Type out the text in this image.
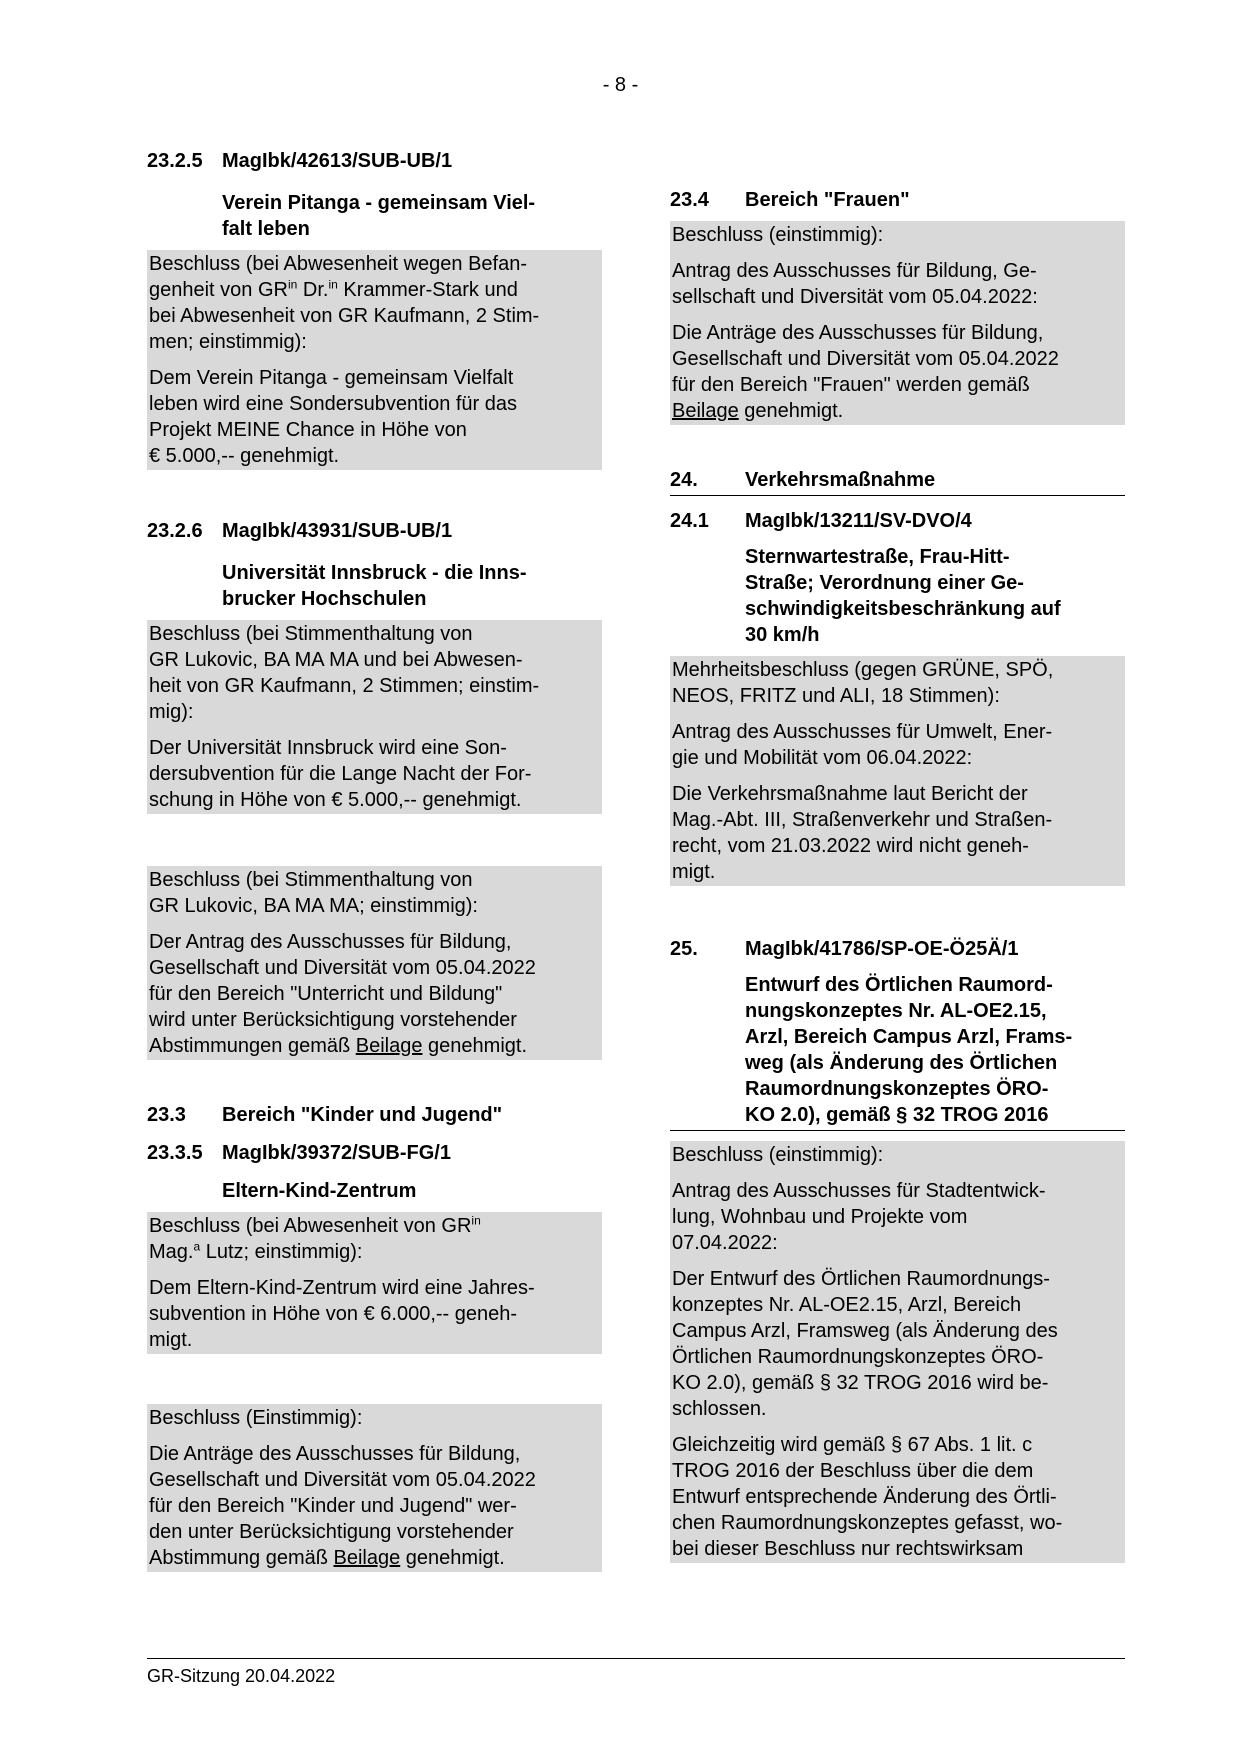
- 8 -
23.2.5 MagIbk/42613/SUB-UB/1
Verein Pitanga - gemeinsam Viel-
falt leben

Beschluss (bei Abwesenheit wegen Befan-
genheit von $GR^{in}$ Dr.$^{in}$ Krammer-Stark und
bei Abwesenheit von GR Kaufmann, 2 Stim-
men; einstimmig):

Dem Verein Pitanga - gemeinsam Vielfalt
leben wird eine Sondersubvention für das
Projekt MEINE Chance in Höhe von
€ 5.000,-- genehmigt.

23.2.6 MagIbk/43931/SUB-UB/1
Universität Innsbruck - die Inns-
brucker Hochschulen

Beschluss (bei Stimmenthaltung von
GR Lukovic, BA MA MA und bei Abwesen-
heit von GR Kaufmann, 2 Stimmen; einstim-
mig):

Der Universität Innsbruck wird eine Son-
dersubvention für die Lange Nacht der For-
schung in Höhe von € 5.000,-- genehmigt.

Beschluss (bei Stimmenthaltung von
GR Lukovic, BA MA MA; einstimmig):

Der Antrag des Ausschusses für Bildung,
Gesellschaft und Diversität vom 05.04.2022
für den Bereich "Unterricht und Bildung"
wird unter Berücksichtigung vorstehender
Abstimmungen gemäß Beilage genehmigt.

23.3	Bereich "Kinder und Jugend"
23.3.5 MagIbk/39372/SUB-FG/1
Eltern-Kind-Zentrum

Beschluss (bei Abwesenheit von $GR^{in}$
Mag.$^a$ Lutz; einstimmig):

Dem Eltern-Kind-Zentrum wird eine Jahres-
subvention in Höhe von € 6.000,-- geneh-
migt.

Beschluss (Einstimmig):

Die Anträge des Ausschusses für Bildung,
Gesellschaft und Diversität vom 05.04.2022
für den Bereich "Kinder und Jugend" wer-
den unter Berücksichtigung vorstehender
Abstimmung gemäß Beilage genehmigt.

23.4	Bereich "Frauen"

Beschluss (einstimmig):

Antrag des Ausschusses für Bildung, Ge-
sellschaft und Diversität vom 05.04.2022:

Die Anträge des Ausschusses für Bildung,
Gesellschaft und Diversität vom 05.04.2022
für den Bereich "Frauen" werden gemäß
Beilage genehmigt.

24.	Verkehrsmaßnahme
24.1	MagIbk/13211/SV-DVO/4
Sternwartestraße, Frau-Hitt-
Straße; Verordnung einer Ge-
schwindigkeitsbeschränkung auf
30 km/h

Mehrheitsbeschluss (gegen GRÜNE, SPÖ,
NEOS, FRITZ und ALI, 18 Stimmen):

Antrag des Ausschusses für Umwelt, Ener-
gie und Mobilität vom 06.04.2022:

Die Verkehrsmaßnahme laut Bericht der
Mag.-Abt. III, Straßenverkehr und Straßen-
recht, vom 21.03.2022 wird nicht geneh-
migt.

25.	MagIbk/41786/SP-OE-Ö25Ä/1
Entwurf des Örtlichen Raumord-
nungskonzeptes Nr. AL-OE2.15,
Arzl, Bereich Campus Arzl, Frams-
weg (als Änderung des Örtlichen
Raumordnungskonzeptes ÖRO-
KO 2.0), gemäß § 32 TROG 2016

Beschluss (einstimmig):

Antrag des Ausschusses für Stadtentwick-
lung, Wohnbau und Projekte vom
07.04.2022:

Der Entwurf des Örtlichen Raumordnungs-
konzeptes Nr. AL-OE2.15, Arzl, Bereich
Campus Arzl, Framsweg (als Änderung des
Örtlichen Raumordnungskonzeptes ÖRO-
KO 2.0), gemäß § 32 TROG 2016 wird be-
schlossen.

Gleichzeitig wird gemäß § 67 Abs. 1 lit. c
TROG 2016 der Beschluss über die dem
Entwurf entsprechende Änderung des Örtli-
chen Raumordnungskonzeptes gefasst, wo-
bei dieser Beschluss nur rechtswirksam

GR-Sitzung 20.04.2022
